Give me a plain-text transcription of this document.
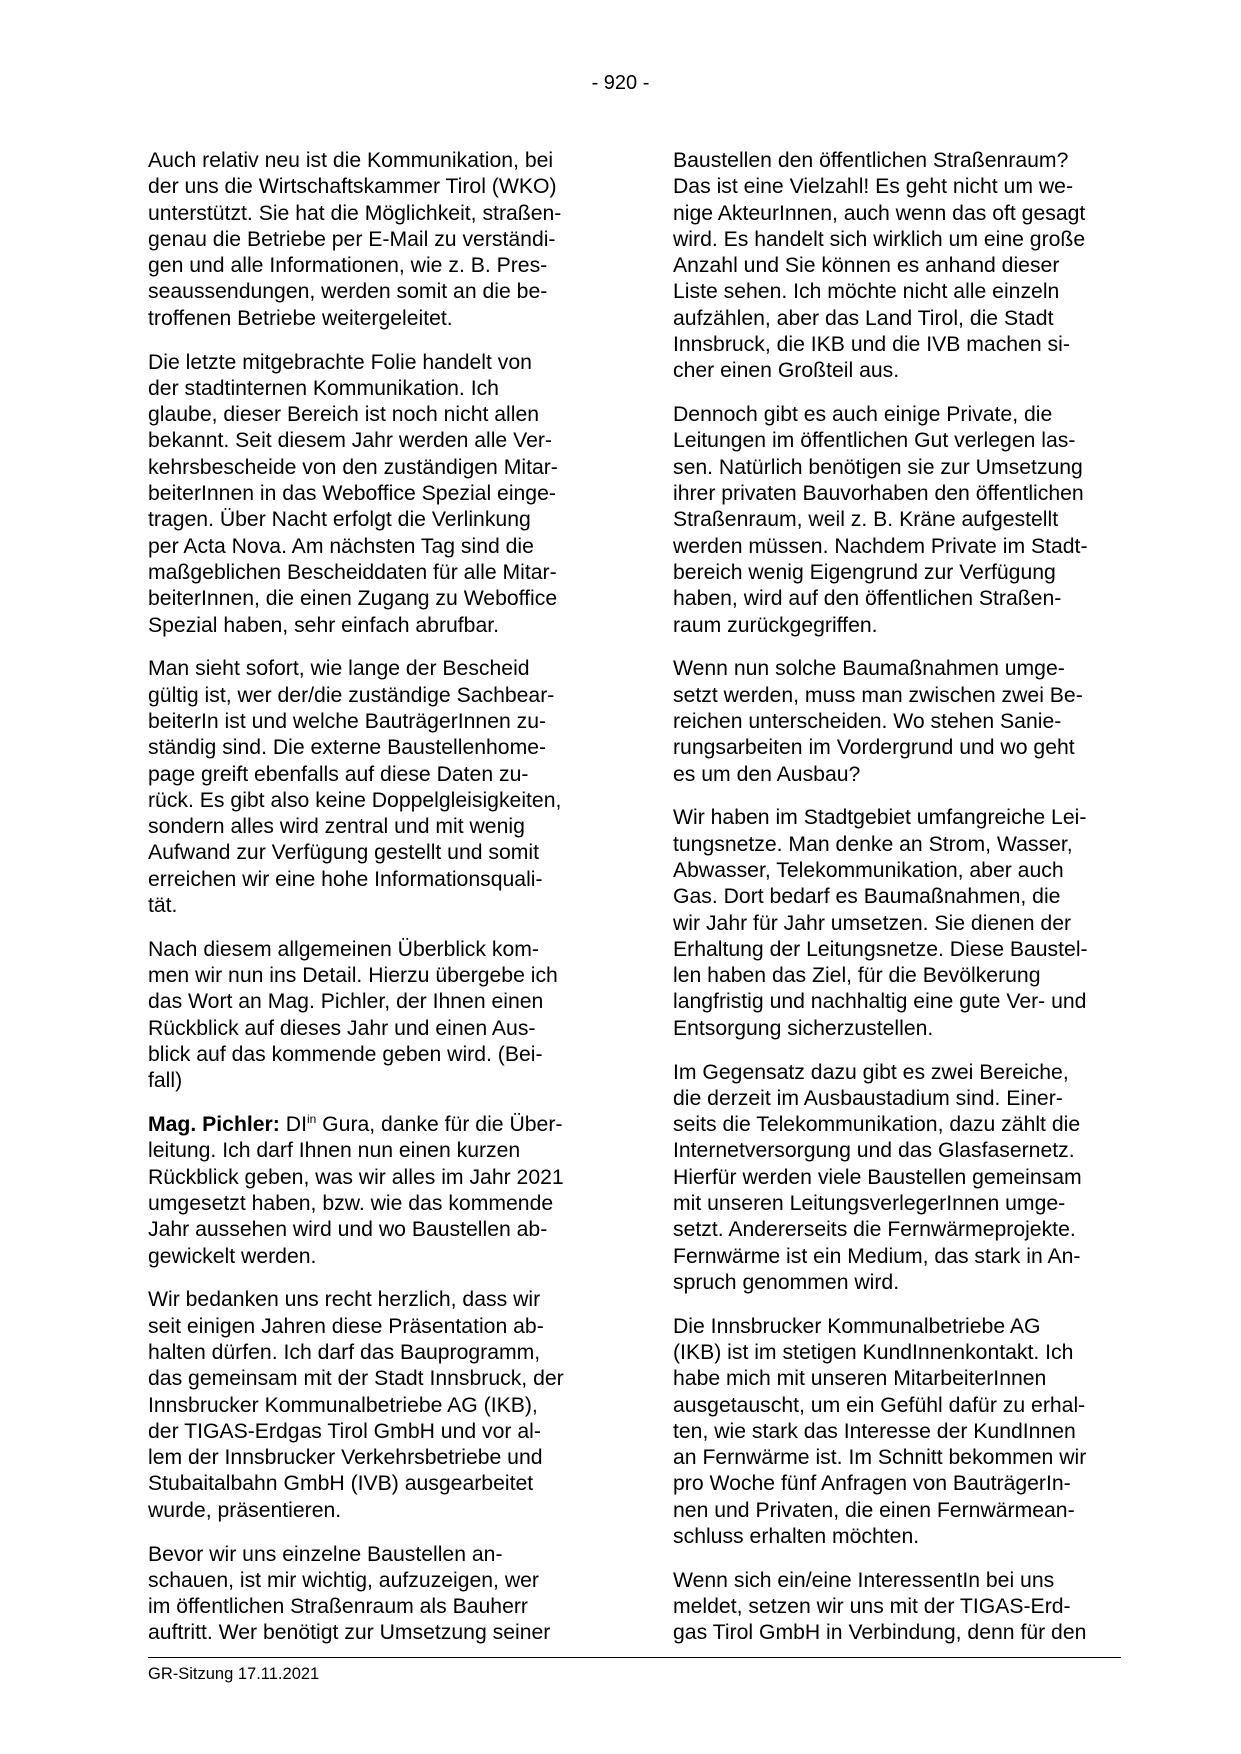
- 920 -

Auch relativ neu ist die Kommunikation, bei
der uns die Wirtschaftskammer Tirol (WKO)
unterstützt. Sie hat die Möglichkeit, straßen-
genau die Betriebe per E-Mail zu verständi-
gen und alle Informationen, wie z. B. Pres-
seaussendungen, werden somit an die be-
troffenen Betriebe weitergeleitet.

Die letzte mitgebrachte Folie handelt von
der stadtinternen Kommunikation. Ich
glaube, dieser Bereich ist noch nicht allen
bekannt. Seit diesem Jahr werden alle Ver-
kehrsbescheide von den zuständigen Mitar-
beiterInnen in das Weboffice Spezial einge-
tragen. Über Nacht erfolgt die Verlinkung
per Acta Nova. Am nächsten Tag sind die
maßgeblichen Bescheiddaten für alle Mitar-
beiterInnen, die einen Zugang zu Weboffice
Spezial haben, sehr einfach abrufbar.

Man sieht sofort, wie lange der Bescheid
gültig ist, wer der/die zuständige Sachbear-
beiterIn ist und welche BauträgerInnen zu-
ständig sind. Die externe Baustellenhome-
page greift ebenfalls auf diese Daten zu-
rück. Es gibt also keine Doppelgleisigkeiten,
sondern alles wird zentral und mit wenig
Aufwand zur Verfügung gestellt und somit
erreichen wir eine hohe Informationsquali-
tät.

Nach diesem allgemeinen Überblick kom-
men wir nun ins Detail. Hierzu übergebe ich
das Wort an Mag. Pichler, der Ihnen einen
Rückblick auf dieses Jahr und einen Aus-
blick auf das kommende geben wird. (Bei-
fall)

Mag. Pichler: $DI^{in}$ Gura, danke für die Über-
leitung. Ich darf Ihnen nun einen kurzen
Rückblick geben, was wir alles im Jahr 2021
umgesetzt haben, bzw. wie das kommende
Jahr aussehen wird und wo Baustellen ab-
gewickelt werden.

Wir bedanken uns recht herzlich, dass wir
seit einigen Jahren diese Präsentation ab-
halten dürfen. Ich darf das Bauprogramm,
das gemeinsam mit der Stadt Innsbruck, der
Innsbrucker Kommunalbetriebe AG (IKB),
der TIGAS-Erdgas Tirol GmbH und vor al-
lem der Innsbrucker Verkehrsbetriebe und
Stubaitalbahn GmbH (IVB) ausgearbeitet
wurde, präsentieren.

Bevor wir uns einzelne Baustellen an-
schauen, ist mir wichtig, aufzuzeigen, wer
im öffentlichen Straßenraum als Bauherr
auftritt. Wer benötigt zur Umsetzung seiner

Baustellen den öffentlichen Straßenraum?
Das ist eine Vielzahl! Es geht nicht um we-
nige AkteurInnen, auch wenn das oft gesagt
wird. Es handelt sich wirklich um eine große
Anzahl und Sie können es anhand dieser
Liste sehen. Ich möchte nicht alle einzeln
aufzählen, aber das Land Tirol, die Stadt
Innsbruck, die IKB und die IVB machen si-
cher einen Großteil aus.

Dennoch gibt es auch einige Private, die
Leitungen im öffentlichen Gut verlegen las-
sen. Natürlich benötigen sie zur Umsetzung
ihrer privaten Bauvorhaben den öffentlichen
Straßenraum, weil z. B. Kräne aufgestellt
werden müssen. Nachdem Private im Stadt-
bereich wenig Eigengrund zur Verfügung
haben, wird auf den öffentlichen Straßen-
raum zurückgegriffen.

Wenn nun solche Baumaßnahmen umge-
setzt werden, muss man zwischen zwei Be-
reichen unterscheiden. Wo stehen Sanie-
rungsarbeiten im Vordergrund und wo geht
es um den Ausbau?

Wir haben im Stadtgebiet umfangreiche Lei-
tungsnetze. Man denke an Strom, Wasser,
Abwasser, Telekommunikation, aber auch
Gas. Dort bedarf es Baumaßnahmen, die
wir Jahr für Jahr umsetzen. Sie dienen der
Erhaltung der Leitungsnetze. Diese Baustel-
len haben das Ziel, für die Bevölkerung
langfristig und nachhaltig eine gute Ver- und
Entsorgung sicherzustellen.

Im Gegensatz dazu gibt es zwei Bereiche,
die derzeit im Ausbaustadium sind. Einer-
seits die Telekommunikation, dazu zählt die
Internetversorgung und das Glasfasernetz.
Hierfür werden viele Baustellen gemeinsam
mit unseren LeitungsverlegerInnen umge-
setzt. Andererseits die Fernwärmeprojekte.
Fernwärme ist ein Medium, das stark in An-
spruch genommen wird.

Die Innsbrucker Kommunalbetriebe AG
(IKB) ist im stetigen KundInnenkontakt. Ich
habe mich mit unseren MitarbeiterInnen
ausgetauscht, um ein Gefühl dafür zu erhal-
ten, wie stark das Interesse der KundInnen
an Fernwärme ist. Im Schnitt bekommen wir
pro Woche fünf Anfragen von BauträgerIn-
nen und Privaten, die einen Fernwärmean-
schluss erhalten möchten.

Wenn sich ein/eine InteressentIn bei uns
meldet, setzen wir uns mit der TIGAS-Erd-
gas Tirol GmbH in Verbindung, denn für den

GR-Sitzung 17.11.2021
